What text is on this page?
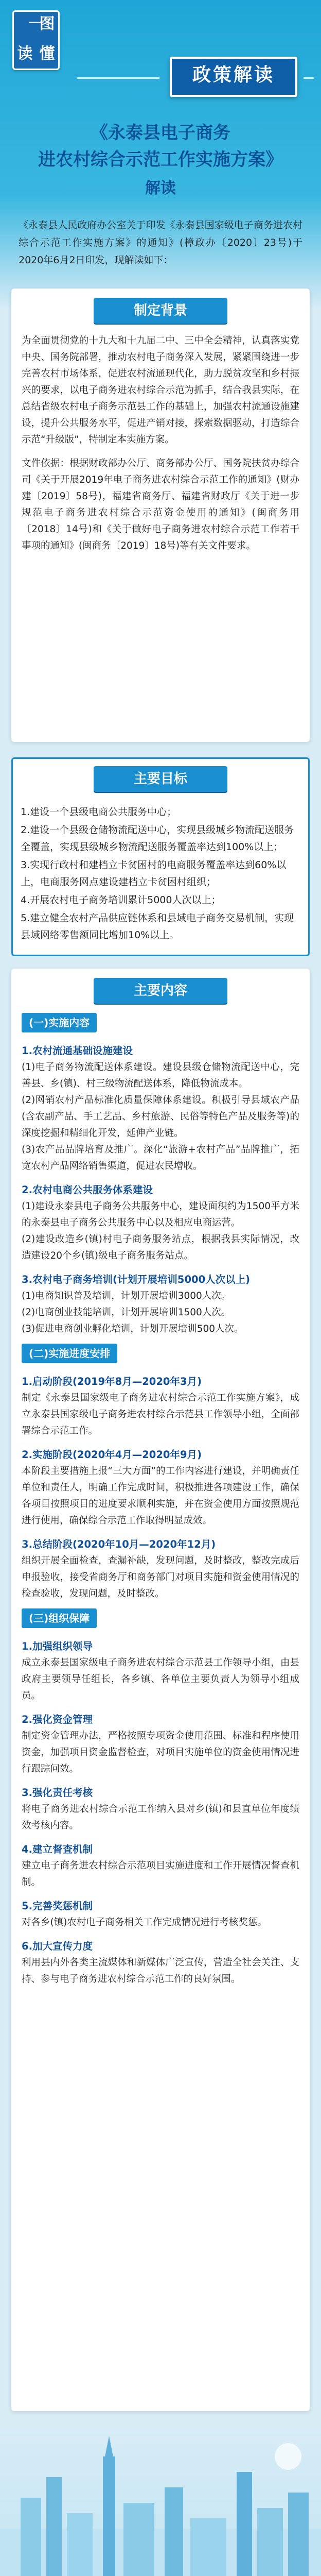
一
图
读 懂
政策解读
《永泰县电子商务
进农村综合示范工作实施方案》
解读
《永泰县人民政府办公室关于印发《永泰县国家级电子商务进农村综合示范工作实施方案》的通知》(樟政办〔2020〕23号)于2020年6月2日印发，现解读如下：
制定背景
为全面贯彻党的十九大和十九届二中、三中全会精神，认真落实党中央、国务院部署，推动农村电子商务深入发展，紧紧围绕进一步完善农村市场体系，促进农村流通现代化，助力脱贫攻坚和乡村振兴的要求，以电子商务进农村综合示范为抓手，结合我县实际，在总结省级农村电子商务示范县工作的基础上，加强农村流通设施建设，提升公共服务水平，促进产销对接，探索数据驱动，打造综合示范“升级版”，特制定本实施方案。
文件依据：根据财政部办公厅、商务部办公厅、国务院扶贫办综合司《关于开展2019年电子商务进农村综合示范工作的通知》(财办建〔2019〕58号)，福建省商务厅、福建省财政厅《关于进一步规范电子商务进农村综合示范资金使用的通知》(闽商务用〔2018〕14号)和《关于做好电子商务进农村综合示范工作若干事项的通知》(闽商务〔2019〕18号)等有关文件要求。
主要目标
1.建设一个县级电商公共服务中心；
2.建设一个县级仓储物流配送中心，实现县级城乡物流配送服务全覆盖，实现县级城乡物流配送服务覆盖率达到100%以上；
3.实现行政村和建档立卡贫困村的电商服务覆盖率达到60%以上，电商服务网点建设建档立卡贫困村组织；
4.开展农村电子商务培训累计5000人次以上；
5.建立健全农村产品供应链体系和县域电子商务交易机制，实现县域网络零售额同比增加10%以上。
主要内容
(一)实施内容
1.农村流通基础设施建设
(1)电子商务物流配送体系建设。建设县级仓储物流配送中心，完善县、乡(镇)、村三级物流配送体系，降低物流成本。
(2)网销农村产品标准化质量保障体系建设。积极引导县域农产品(含农副产品、手工艺品、乡村旅游、民俗等特色产品及服务等)的深度挖掘和精细化开发，延伸产业链。
(3)农产品品牌培育及推广。深化“旅游+农村产品”品牌推广，拓宽农村产品网络销售渠道，促进农民增收。
2.农村电商公共服务体系建设
(1)建设永泰县电子商务公共服务中心，建设面积约为1500平方米的永泰县电子商务公共服务中心以及相应电商运营。
(2)建设改造乡(镇)村电子商务服务站点，根据我县实际情况，改造建设20个乡(镇)级电子商务服务站点。
3.农村电子商务培训(计划开展培训5000人次以上)
(1)电商知识普及培训，计划开展培训3000人次。
(2)电商创业技能培训，计划开展培训1500人次。
(3)促进电商创业孵化培训，计划开展培训500人次。
(二)实施进度安排
1.启动阶段(2019年8月—2020年3月)
制定《永泰县国家级电子商务进农村综合示范工作实施方案》，成立永泰县国家级电子商务进农村综合示范县工作领导小组，全面部署综合示范工作。
2.实施阶段(2020年4月—2020年9月)
本阶段主要措施上报“三大方面”的工作内容进行建设，并明确责任单位和责任人，明确工作完成时间，积极推进各项建设工作，确保各项目按照项目的进度要求顺利实施，并在资金使用方面按照规范进行使用，确保综合示范工作取得明显成效。
3.总结阶段(2020年10月—2020年12月)
组织开展全面检查，查漏补缺，发现问题，及时整改，整改完成后申报验收，接受省商务厅和商务部门对项目实施和资金使用情况的检查验收，发现问题，及时整改。
(三)组织保障
1.加强组织领导
成立永泰县国家级电子商务进农村综合示范县工作领导小组，由县政府主要领导任组长，各乡镇、各单位主要负责人为领导小组成员。
2.强化资金管理
制定资金管理办法，严格按照专项资金使用范围、标准和程序使用资金，加强项目资金监督检查，对项目实施单位的资金使用情况进行跟踪问效。
3.强化责任考核
将电子商务进农村综合示范工作纳入县对乡(镇)和县直单位年度绩效考核内容。
4.建立督查机制
建立电子商务进农村综合示范项目实施进度和工作开展情况督查机制。
5.完善奖惩机制
对各乡(镇)农村电子商务相关工作完成情况进行考核奖惩。
6.加大宣传力度
利用县内外各类主流媒体和新媒体广泛宣传，营造全社会关注、支持、参与电子商务进农村综合示范工作的良好氛围。
